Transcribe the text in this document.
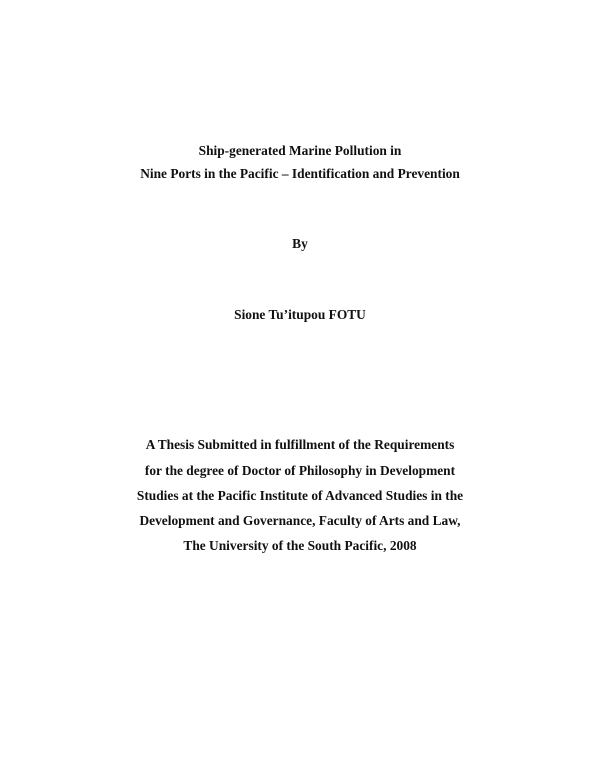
Ship-generated Marine Pollution in
Nine Ports in the Pacific – Identification and Prevention
By
Sione Tu’itupou FOTU
A Thesis Submitted in fulfillment of the Requirements
for the degree of Doctor of Philosophy in Development
Studies at the Pacific Institute of Advanced Studies in the
Development and Governance, Faculty of Arts and Law,
The University of the South Pacific, 2008
